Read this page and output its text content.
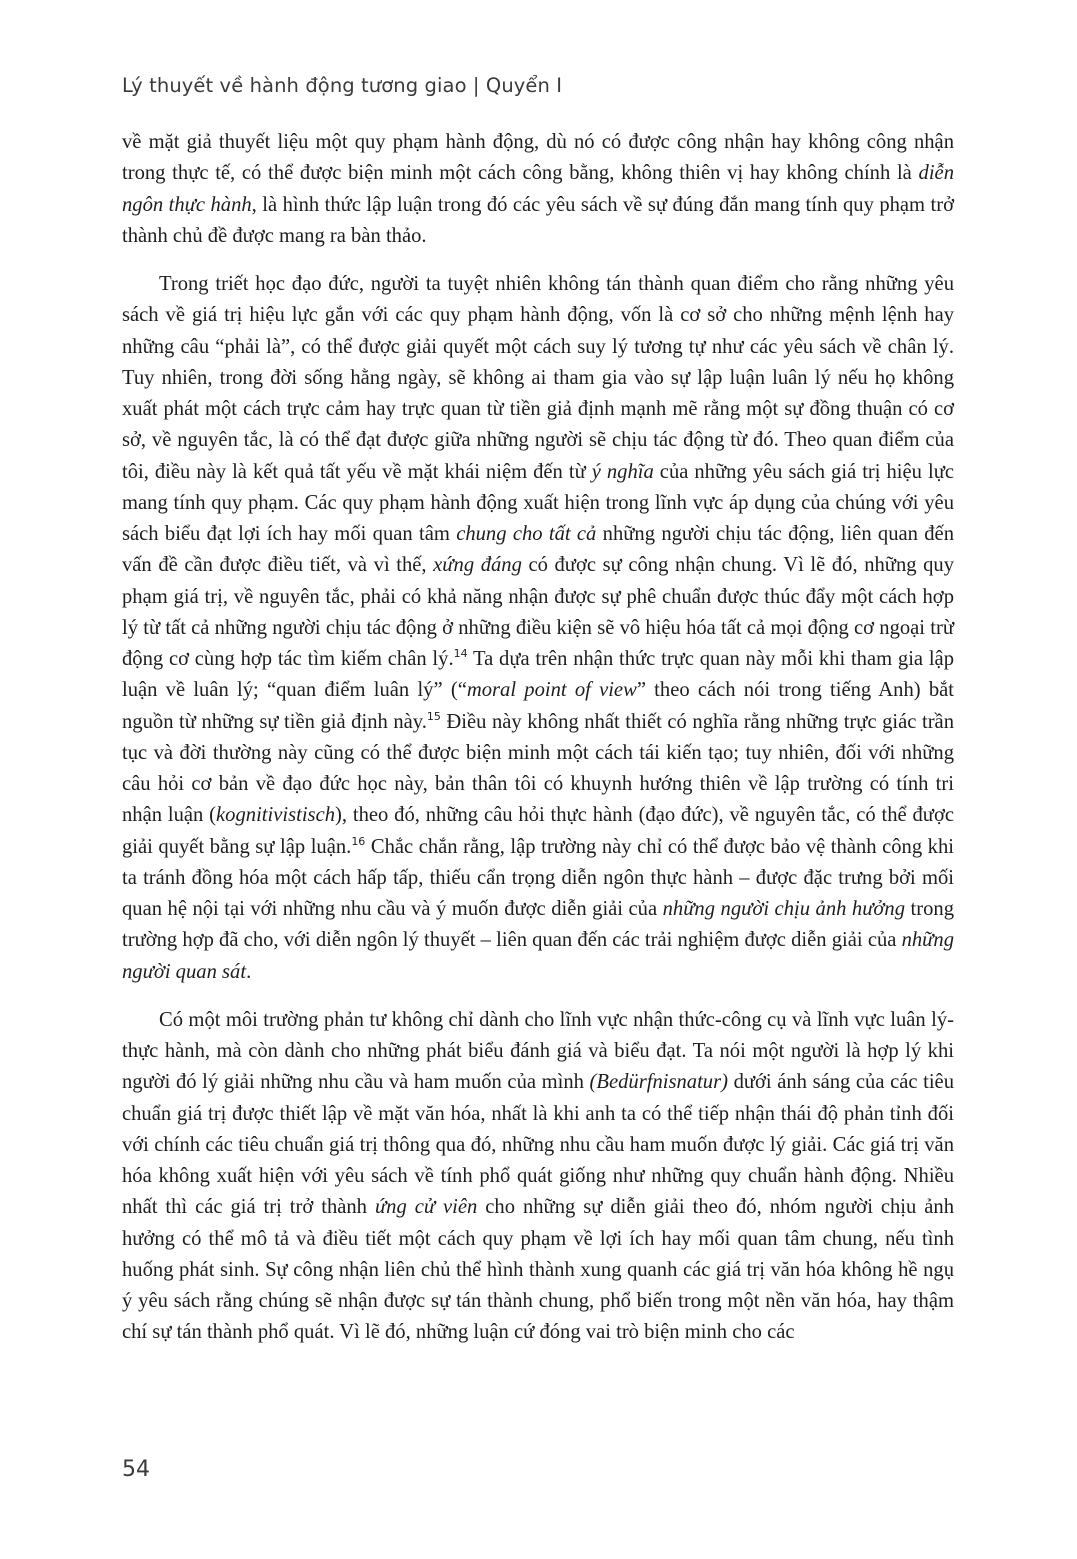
Lý thuyết về hành động tương giao | Quyển I

về mặt giả thuyết liệu một quy phạm hành động, dù nó có được công nhận hay không công nhận trong thực tế, có thể được biện minh một cách công bằng, không thiên vị hay không chính là diễn ngôn thực hành, là hình thức lập luận trong đó các yêu sách về sự đúng đắn mang tính quy phạm trở thành chủ đề được mang ra bàn thảo.

Trong triết học đạo đức, người ta tuyệt nhiên không tán thành quan điểm cho rằng những yêu sách về giá trị hiệu lực gắn với các quy phạm hành động, vốn là cơ sở cho những mệnh lệnh hay những câu “phải là”, có thể được giải quyết một cách suy lý tương tự như các yêu sách về chân lý. Tuy nhiên, trong đời sống hằng ngày, sẽ không ai tham gia vào sự lập luận luân lý nếu họ không xuất phát một cách trực cảm hay trực quan từ tiền giả định mạnh mẽ rằng một sự đồng thuận có cơ sở, về nguyên tắc, là có thể đạt được giữa những người sẽ chịu tác động từ đó. Theo quan điểm của tôi, điều này là kết quả tất yếu về mặt khái niệm đến từ ý nghĩa của những yêu sách giá trị hiệu lực mang tính quy phạm. Các quy phạm hành động xuất hiện trong lĩnh vực áp dụng của chúng với yêu sách biểu đạt lợi ích hay mối quan tâm chung cho tất cả những người chịu tác động, liên quan đến vấn đề cần được điều tiết, và vì thế, xứng đáng có được sự công nhận chung. Vì lẽ đó, những quy phạm giá trị, về nguyên tắc, phải có khả năng nhận được sự phê chuẩn được thúc đẩy một cách hợp lý từ tất cả những người chịu tác động ở những điều kiện sẽ vô hiệu hóa tất cả mọi động cơ ngoại trừ động cơ cùng hợp tác tìm kiếm chân lý.$^{14}$ Ta dựa trên nhận thức trực quan này mỗi khi tham gia lập luận về luân lý; “quan điểm luân lý” (“moral point of view” theo cách nói trong tiếng Anh) bắt nguồn từ những sự tiền giả định này.$^{15}$ Điều này không nhất thiết có nghĩa rằng những trực giác trần tục và đời thường này cũng có thể được biện minh một cách tái kiến tạo; tuy nhiên, đối với những câu hỏi cơ bản về đạo đức học này, bản thân tôi có khuynh hướng thiên về lập trường có tính tri nhận luận (kognitivistisch), theo đó, những câu hỏi thực hành (đạo đức), về nguyên tắc, có thể được giải quyết bằng sự lập luận.$^{16}$ Chắc chắn rằng, lập trường này chỉ có thể được bảo vệ thành công khi ta tránh đồng hóa một cách hấp tấp, thiếu cẩn trọng diễn ngôn thực hành – được đặc trưng bởi mối quan hệ nội tại với những nhu cầu và ý muốn được diễn giải của những người chịu ảnh hưởng trong trường hợp đã cho, với diễn ngôn lý thuyết – liên quan đến các trải nghiệm được diễn giải của những người quan sát.

Có một môi trường phản tư không chỉ dành cho lĩnh vực nhận thức-công cụ và lĩnh vực luân lý-thực hành, mà còn dành cho những phát biểu đánh giá và biểu đạt. Ta nói một người là hợp lý khi người đó lý giải những nhu cầu và ham muốn của mình (Bedürfnisnatur) dưới ánh sáng của các tiêu chuẩn giá trị được thiết lập về mặt văn hóa, nhất là khi anh ta có thể tiếp nhận thái độ phản tỉnh đối với chính các tiêu chuẩn giá trị thông qua đó, những nhu cầu ham muốn được lý giải. Các giá trị văn hóa không xuất hiện với yêu sách về tính phổ quát giống như những quy chuẩn hành động. Nhiều nhất thì các giá trị trở thành ứng cử viên cho những sự diễn giải theo đó, nhóm người chịu ảnh hưởng có thể mô tả và điều tiết một cách quy phạm về lợi ích hay mối quan tâm chung, nếu tình huống phát sinh. Sự công nhận liên chủ thể hình thành xung quanh các giá trị văn hóa không hề ngụ ý yêu sách rằng chúng sẽ nhận được sự tán thành chung, phổ biến trong một nền văn hóa, hay thậm chí sự tán thành phổ quát. Vì lẽ đó, những luận cứ đóng vai trò biện minh cho các

54
